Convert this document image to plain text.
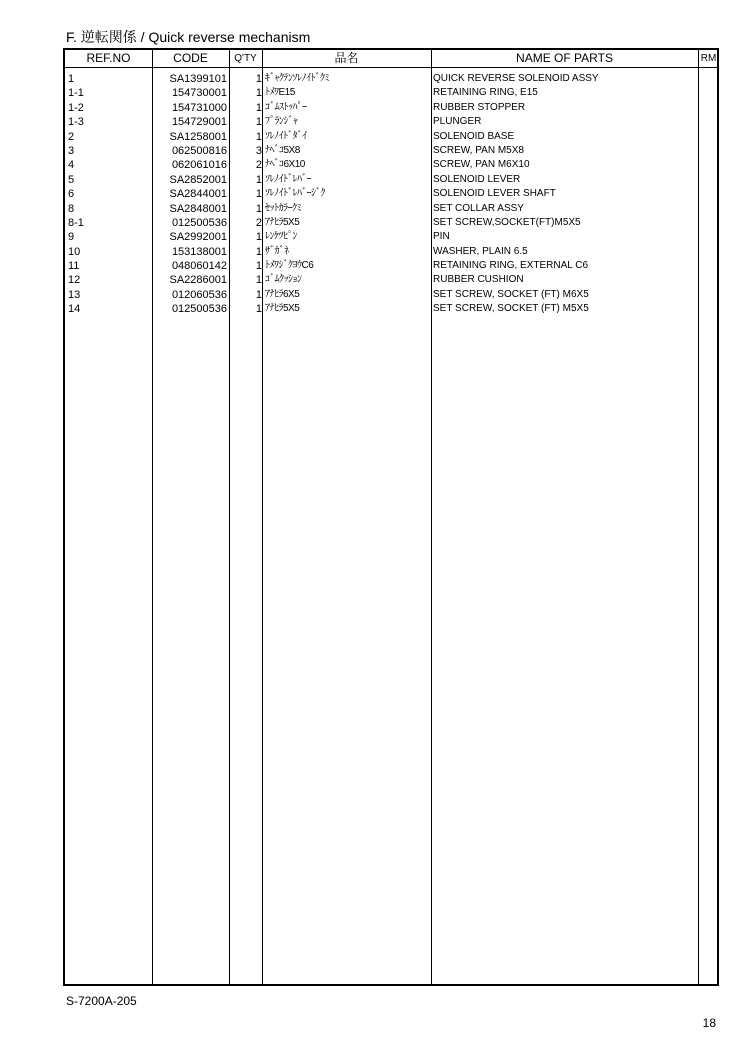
F. 逆転関係 / Quick reverse mechanism
REF.NO	CODE	Q'TY	品名	NAME OF PARTS	RM
1	SA1399101	1 ｷﾞｬｸﾃﾝｿﾚﾉｲﾄﾞｸﾐ	QUICK REVERSE SOLENOID ASSY
1-1	154730001	1 ﾄﾒﾜE15	RETAINING RING, E15
1-2	154731000	1 ｺﾞﾑｽﾄｯﾊﾟｰ	RUBBER STOPPER
1-3	154729001	1 ﾌﾟﾗﾝｼﾞｬ	PLUNGER
2	SA1258001	1 ｿﾚﾉｲﾄﾞﾀﾞｲ	SOLENOID BASE
3	062500816	3 ﾅﾍﾞｺ5X8	SCREW, PAN M5X8
4	062061016	2 ﾅﾍﾞｺ6X10	SCREW, PAN M6X10
5	SA2852001	1 ｿﾚﾉｲﾄﾞﾚﾊﾞｰ	SOLENOID LEVER
6	SA2844001	1 ｿﾚﾉｲﾄﾞﾚﾊﾞｰｼﾞｸ	SOLENOID LEVER SHAFT
8	SA2848001	1 ｾｯﾄｶﾗｰｸﾐ	SET COLLAR ASSY
8-1	012500536	2 ｱﾅﾋﾗ5X5	SET SCREW,SOCKET(FT)M5X5
9	SA2992001	1 ﾚﾝｹﾂﾋﾟﾝ	PIN
10	153138001	1 ｻﾞｶﾞﾈ	WASHER, PLAIN 6.5
11	048060142	1 ﾄﾒﾜｼﾞｸﾖｳC6	RETAINING RING, EXTERNAL C6
12	SA2286001	1 ｺﾞﾑｸｯｼｮﾝ	RUBBER CUSHION
13	012060536	1 ｱﾅﾋﾗ6X5	SET SCREW, SOCKET (FT) M6X5
14	012500536	1 ｱﾅﾋﾗ5X5	SET SCREW, SOCKET (FT) M5X5
S-7200A-205
18
